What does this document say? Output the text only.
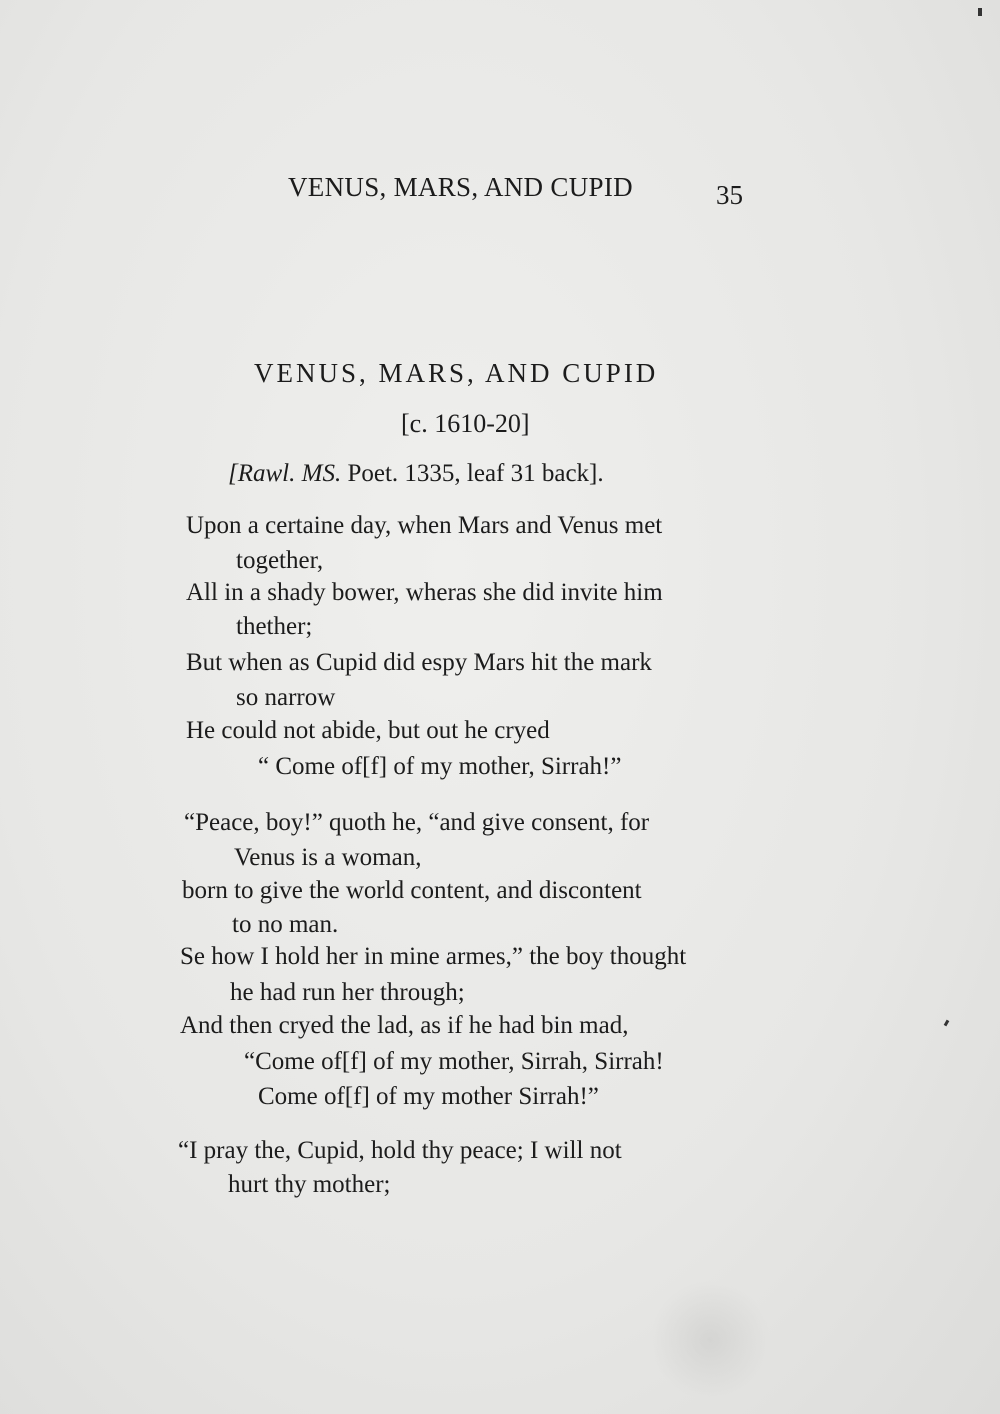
VENUS, MARS, AND CUPID	35
VENUS, MARS, AND CUPID
[c. 1610-20]
[Rawl. MS. Poet. 1335, leaf 31 back].
Upon a certaine day, when Mars and Venus met
together,
All in a shady bower, wheras she did invite him
thether;
But when as Cupid did espy Mars hit the mark
so narrow
He could not abide, but out he cryed
“ Come of[f] of my mother, Sirrah!”
“Peace, boy!” quoth he, “and give consent, for
Venus is a woman,
born to give the world content, and discontent
to no man.
Se how I hold her in mine armes,” the boy thought
he had run her through;
And then cryed the lad, as if he had bin mad,
“Come of[f] of my mother, Sirrah, Sirrah!
Come of[f] of my mother Sirrah!”
“I pray the, Cupid, hold thy peace; I will not
hurt thy mother;
